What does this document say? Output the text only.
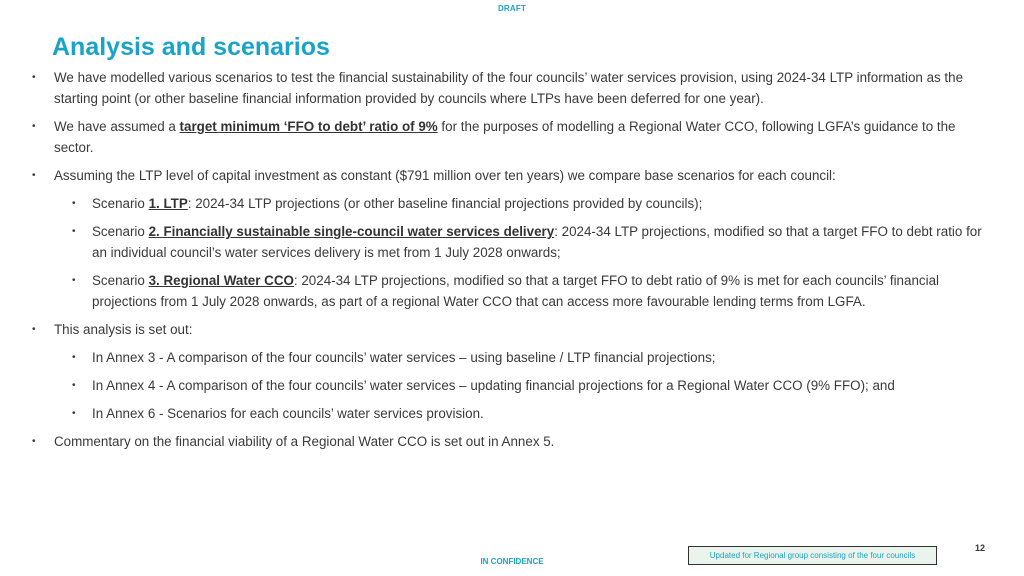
DRAFT
Analysis and scenarios

• We have modelled various scenarios to test the financial sustainability of the four councils’ water services provision, using 2024-34 LTP information as the starting point (or other baseline financial information provided by councils where LTPs have been deferred for one year).

• We have assumed a target minimum ‘FFO to debt’ ratio of 9% for the purposes of modelling a Regional Water CCO, following LGFA’s guidance to the sector.

• Assuming the LTP level of capital investment as constant ($791 million over ten years) we compare base scenarios for each council:

• Scenario 1. LTP: 2024-34 LTP projections (or other baseline financial projections provided by councils);

• Scenario 2. Financially sustainable single-council water services delivery: 2024-34 LTP projections, modified so that a target FFO to debt ratio for an individual council’s water services delivery is met from 1 July 2028 onwards;

• Scenario 3. Regional Water CCO: 2024-34 LTP projections, modified so that a target FFO to debt ratio of 9% is met for each councils’ financial projections from 1 July 2028 onwards, as part of a regional Water CCO that can access more favourable lending terms from LGFA.

• This analysis is set out:

• In Annex 3 - A comparison of the four councils’ water services – using baseline / LTP financial projections;

• In Annex 4 - A comparison of the four councils’ water services – updating financial projections for a Regional Water CCO (9% FFO); and

• In Annex 6 - Scenarios for each councils’ water services provision.

• Commentary on the financial viability of a Regional Water CCO is set out in Annex 5.

12
Updated for Regional group consisting of the four councils
IN CONFIDENCE
